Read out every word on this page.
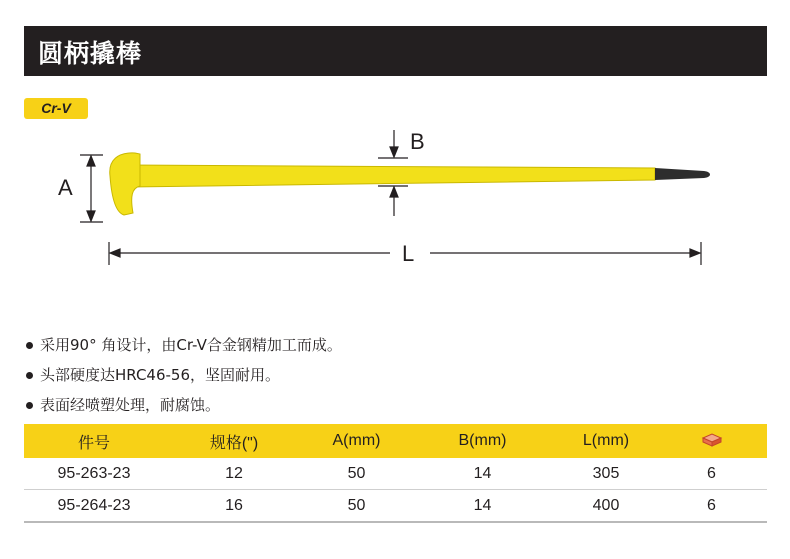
圆柄撬棒
Cr-V
A
B
L
采用90° 角设计，由Cr-V合金钢精加工而成。
头部硬度达HRC46-56，坚固耐用。
表面经喷塑处理，耐腐蚀。
件号	规格(")	A(mm)	B(mm)	L(mm)	
95-263-23	12	50	14	305	6
95-264-23	16	50	14	400	6
